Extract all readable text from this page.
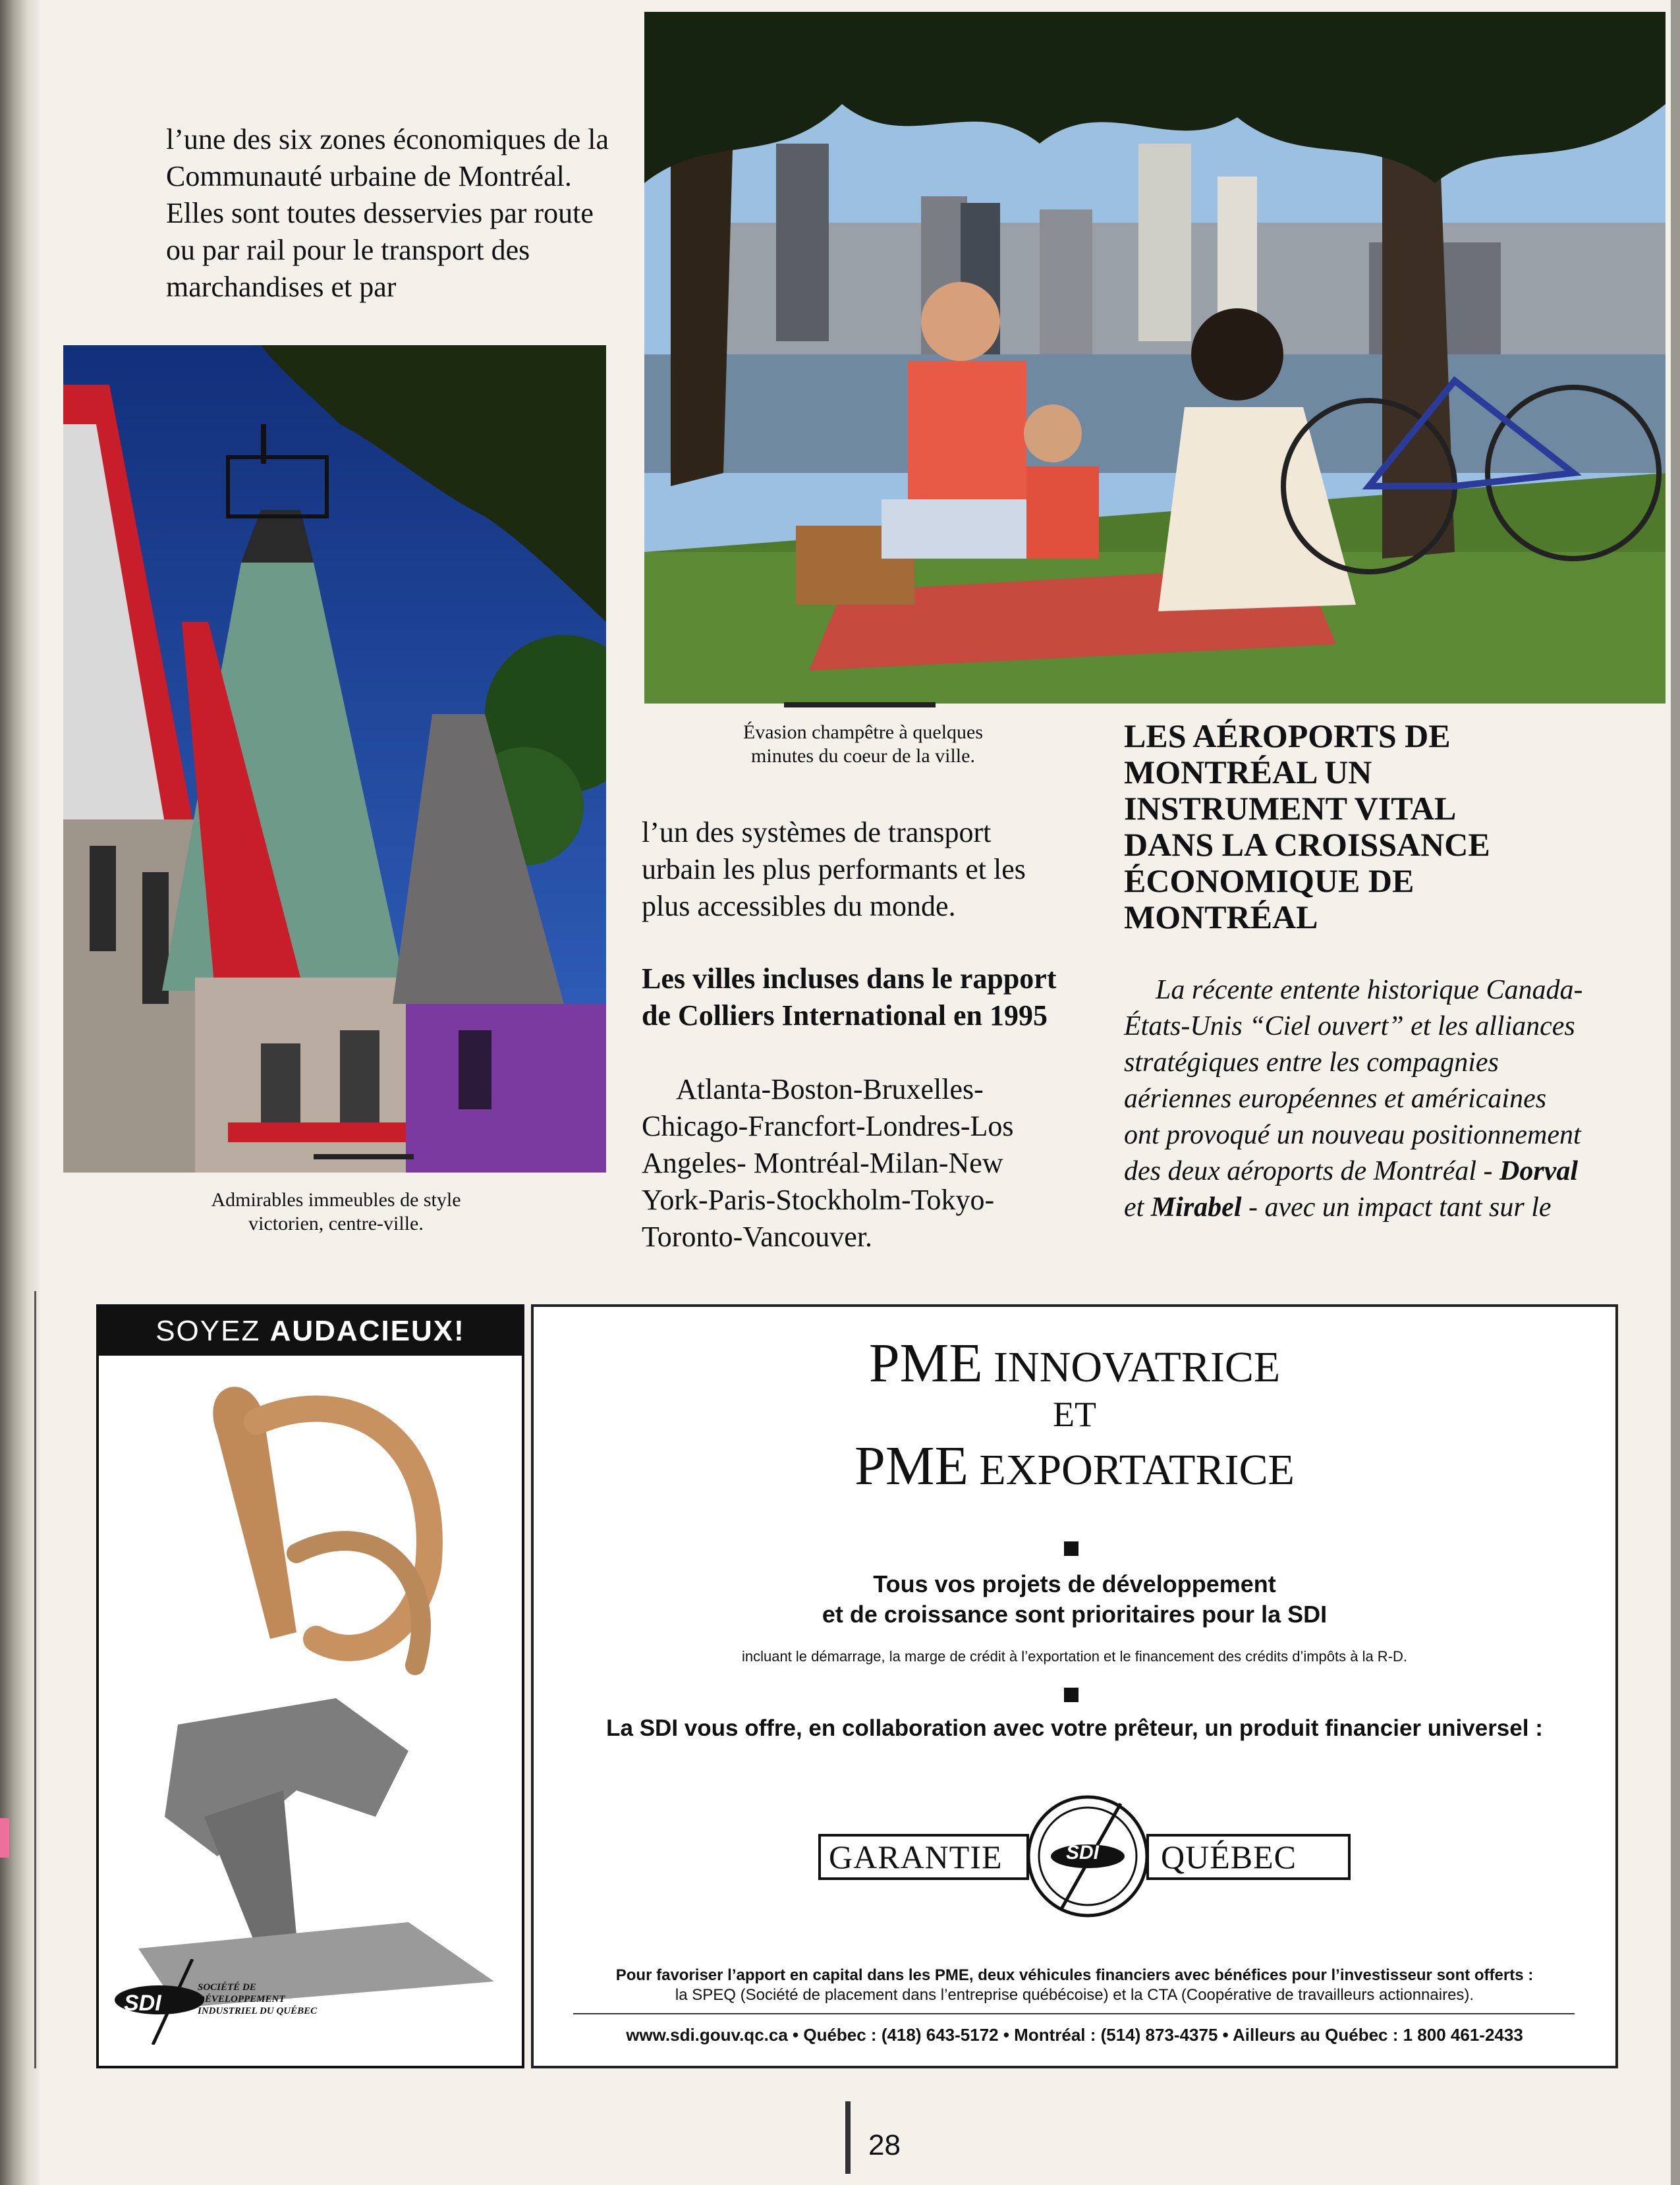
l’une des six zones économiques de la Communauté urbaine de Montréal. Elles sont toutes desservies par route ou par rail pour le transport des marchandises et par
Admirables immeubles de style victorien, centre-ville.
Évasion champêtre à quelques minutes du coeur de la ville.
l’un des systèmes de transport urbain les plus performants et les plus accessibles du monde.
Les villes incluses dans le rapport de Colliers International en 1995
Atlanta-Boston-Bruxelles-Chicago-Francfort-Londres-Los Angeles- Montréal-Milan-New York-Paris-Stockholm-Tokyo-Toronto-Vancouver.
LES AÉROPORTS DE MONTRÉAL UN INSTRUMENT VITAL DANS LA CROISSANCE ÉCONOMIQUE DE MONTRÉAL
La récente entente historique Canada-États-Unis “Ciel ouvert” et les alliances stratégiques entre les compagnies aériennes européennes et américaines ont provoqué un nouveau positionnement des deux aéroports de Montréal - Dorval et Mirabel - avec un impact tant sur le
SOYEZ AUDACIEUX!
SDI
SOCIÉTÉ DE
DÉVELOPPEMENT
INDUSTRIEL DU QUÉBEC
PME INNOVATRICE
ET
PME EXPORTATRICE
Tous vos projets de développement
et de croissance sont prioritaires pour la SDI
incluant le démarrage, la marge de crédit à l’exportation et le financement des crédits d’impôts à la R-D.
La SDI vous offre, en collaboration avec votre prêteur, un produit financier universel :
GARANTIE	QUÉBEC
SDI
Pour favoriser l’apport en capital dans les PME, deux véhicules financiers avec bénéfices pour l’investisseur sont offerts :
la SPEQ (Société de placement dans l’entreprise québécoise) et la CTA (Coopérative de travailleurs actionnaires).
www.sdi.gouv.qc.ca • Québec : (418) 643-5172 • Montréal : (514) 873-4375 • Ailleurs au Québec : 1 800 461-2433
28
